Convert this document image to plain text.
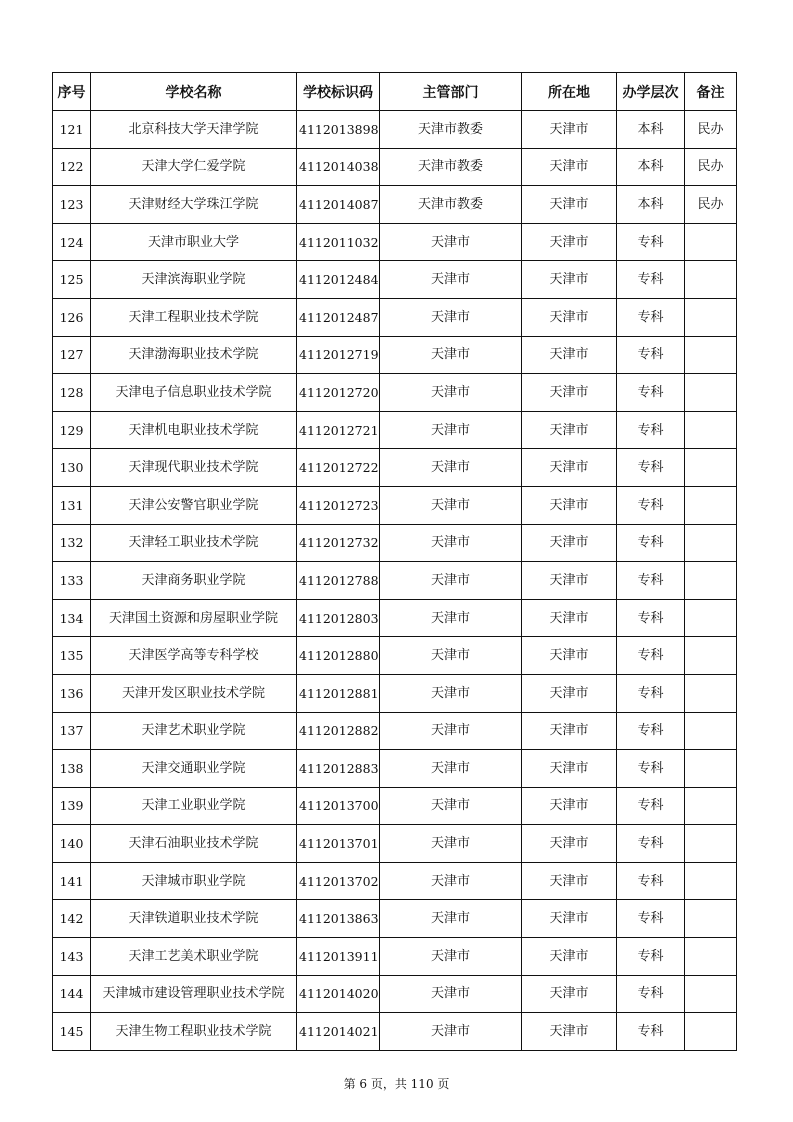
序号	学校名称	学校标识码	主管部门	所在地	办学层次	备注
121	北京科技大学天津学院	4112013898	天津市教委	天津市	本科	民办
122	天津大学仁爱学院	4112014038	天津市教委	天津市	本科	民办
123	天津财经大学珠江学院	4112014087	天津市教委	天津市	本科	民办
124	天津市职业大学	4112011032	天津市	天津市	专科	
125	天津滨海职业学院	4112012484	天津市	天津市	专科	
126	天津工程职业技术学院	4112012487	天津市	天津市	专科	
127	天津渤海职业技术学院	4112012719	天津市	天津市	专科	
128	天津电子信息职业技术学院	4112012720	天津市	天津市	专科	
129	天津机电职业技术学院	4112012721	天津市	天津市	专科	
130	天津现代职业技术学院	4112012722	天津市	天津市	专科	
131	天津公安警官职业学院	4112012723	天津市	天津市	专科	
132	天津轻工职业技术学院	4112012732	天津市	天津市	专科	
133	天津商务职业学院	4112012788	天津市	天津市	专科	
134	天津国土资源和房屋职业学院	4112012803	天津市	天津市	专科	
135	天津医学高等专科学校	4112012880	天津市	天津市	专科	
136	天津开发区职业技术学院	4112012881	天津市	天津市	专科	
137	天津艺术职业学院	4112012882	天津市	天津市	专科	
138	天津交通职业学院	4112012883	天津市	天津市	专科	
139	天津工业职业学院	4112013700	天津市	天津市	专科	
140	天津石油职业技术学院	4112013701	天津市	天津市	专科	
141	天津城市职业学院	4112013702	天津市	天津市	专科	
142	天津铁道职业技术学院	4112013863	天津市	天津市	专科	
143	天津工艺美术职业学院	4112013911	天津市	天津市	专科	
144	天津城市建设管理职业技术学院	4112014020	天津市	天津市	专科	
145	天津生物工程职业技术学院	4112014021	天津市	天津市	专科	
第 6 页，共 110 页
